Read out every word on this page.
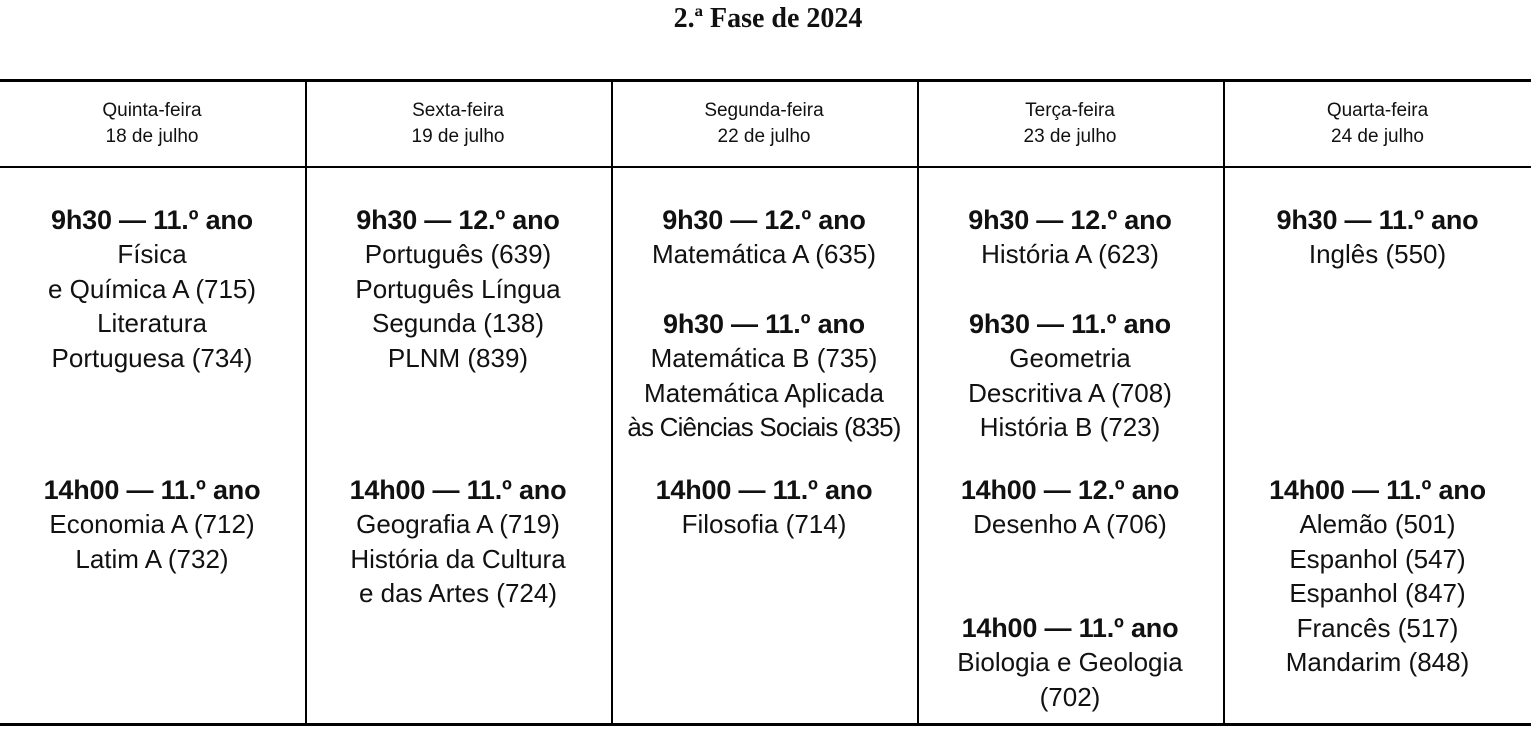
2.ª Fase de 2024
Quinta-feira
18 de julho
9h30 — 11.º ano
Física
e Química A (715)
Literatura
Portuguesa (734)
14h00 — 11.º ano
Economia A (712)
Latim A (732)
Sexta-feira
19 de julho
9h30 — 12.º ano
Português (639)
Português Língua
Segunda (138)
PLNM (839)
14h00 — 11.º ano
Geografia A (719)
História da Cultura
e das Artes (724)
Segunda-feira
22 de julho
9h30 — 12.º ano
Matemática A (635)
9h30 — 11.º ano
Matemática B (735)
Matemática Aplicada
às Ciências Sociais (835)
14h00 — 11.º ano
Filosofia (714)
Terça-feira
23 de julho
9h30 — 12.º ano
História A (623)
9h30 — 11.º ano
Geometria
Descritiva A (708)
História B (723)
14h00 — 12.º ano
Desenho A (706)
14h00 — 11.º ano
Biologia e Geologia
(702)
Quarta-feira
24 de julho
9h30 — 11.º ano
Inglês (550)
14h00 — 11.º ano
Alemão (501)
Espanhol (547)
Espanhol (847)
Francês (517)
Mandarim (848)
